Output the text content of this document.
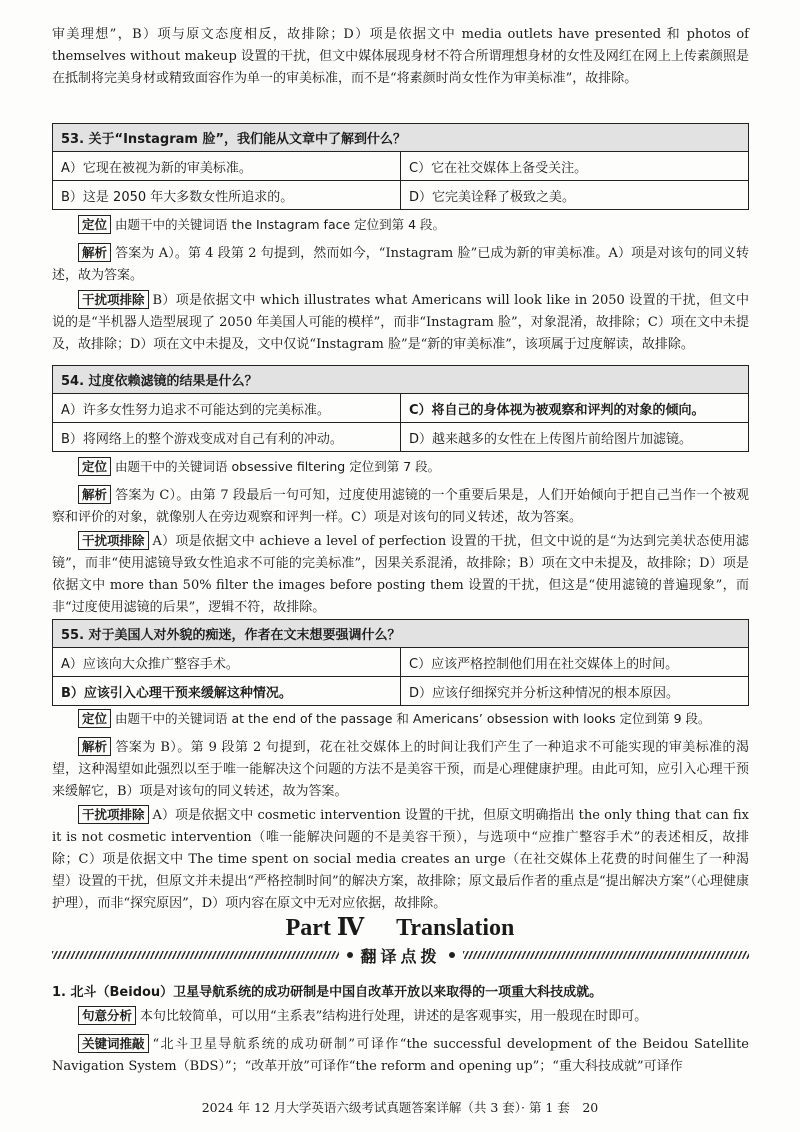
审美理想”，B）项与原文态度相反，故排除；D）项是依据文中 media outlets have presented 和 photos of themselves without makeup 设置的干扰，但文中媒体展现身材不符合所谓理想身材的女性及网红在网上上传素颜照是在抵制将完美身材或精致面容作为单一的审美标准，而不是“将素颜时尚女性作为审美标准”，故排除。

53. 关于“Instagram 脸”，我们能从文章中了解到什么？	
A）它现在被视为新的审美标准。	C）它在社交媒体上备受关注。
B）这是 2050 年大多数女性所追求的。	D）它完美诠释了极致之美。

定位 由题干中的关键词语 the Instagram face 定位到第 4 段。

解析 答案为 A）。第 4 段第 2 句提到，然而如今，“Instagram 脸”已成为新的审美标准。A）项是对该句的同义转述，故为答案。

干扰项排除 B）项是依据文中 which illustrates what Americans will look like in 2050 设置的干扰，但文中说的是“半机器人造型展现了 2050 年美国人可能的模样”，而非“Instagram 脸”，对象混淆，故排除；C）项在文中未提及，故排除；D）项在文中未提及，文中仅说“Instagram 脸”是“新的审美标准”，该项属于过度解读，故排除。

54. 过度依赖滤镜的结果是什么？	
A）许多女性努力追求不可能达到的完美标准。	C）将自己的身体视为被观察和评判的对象的倾向。
B）将网络上的整个游戏变成对自己有利的冲动。	D）越来越多的女性在上传图片前给图片加滤镜。

定位 由题干中的关键词语 obsessive filtering 定位到第 7 段。

解析 答案为 C）。由第 7 段最后一句可知，过度使用滤镜的一个重要后果是，人们开始倾向于把自己当作一个被观察和评价的对象，就像别人在旁边观察和评判一样。C）项是对该句的同义转述，故为答案。

干扰项排除 A）项是依据文中 achieve a level of perfection 设置的干扰，但文中说的是“为达到完美状态使用滤镜”，而非“使用滤镜导致女性追求不可能的完美标准”，因果关系混淆，故排除；B）项在文中未提及，故排除；D）项是依据文中 more than 50% filter the images before posting them 设置的干扰，但这是“使用滤镜的普遍现象”，而非“过度使用滤镜的后果”，逻辑不符，故排除。

55. 对于美国人对外貌的痴迷，作者在文末想要强调什么？	
A）应该向大众推广整容手术。	C）应该严格控制他们用在社交媒体上的时间。
B）应该引入心理干预来缓解这种情况。	D）应该仔细探究并分析这种情况的根本原因。

定位 由题干中的关键词语 at the end of the passage 和 Americans’ obsession with looks 定位到第 9 段。

解析 答案为 B）。第 9 段第 2 句提到，花在社交媒体上的时间让我们产生了一种追求不可能实现的审美标准的渴望，这种渴望如此强烈以至于唯一能解决这个问题的方法不是美容干预，而是心理健康护理。由此可知，应引入心理干预来缓解它，B）项是对该句的同义转述，故为答案。

干扰项排除 A）项是依据文中 cosmetic intervention 设置的干扰，但原文明确指出 the only thing that can fix it is not cosmetic intervention（唯一能解决问题的不是美容干预），与选项中“应推广整容手术”的表述相反，故排除；C）项是依据文中 The time spent on social media creates an urge（在社交媒体上花费的时间催生了一种渴望）设置的干扰，但原文并未提出“严格控制时间”的解决方案，故排除；原文最后作者的重点是“提出解决方案”（心理健康护理），而非“探究原因”，D）项内容在原文中无对应依据，故排除。

Part Ⅳ Translation
翻译点拨

1. 北斗（Beidou）卫星导航系统的成功研制是中国自改革开放以来取得的一项重大科技成就。

句意分析 本句比较简单，可以用“主系表”结构进行处理，讲述的是客观事实，用一般现在时即可。

关键词推敲 “北斗卫星导航系统的成功研制”可译作“the successful development of the Beidou Satellite Navigation System（BDS）”；“改革开放”可译作“the reform and opening up”；“重大科技成就”可译作

2024 年 12 月大学英语六级考试真题答案详解（共 3 套）· 第 1 套　20
